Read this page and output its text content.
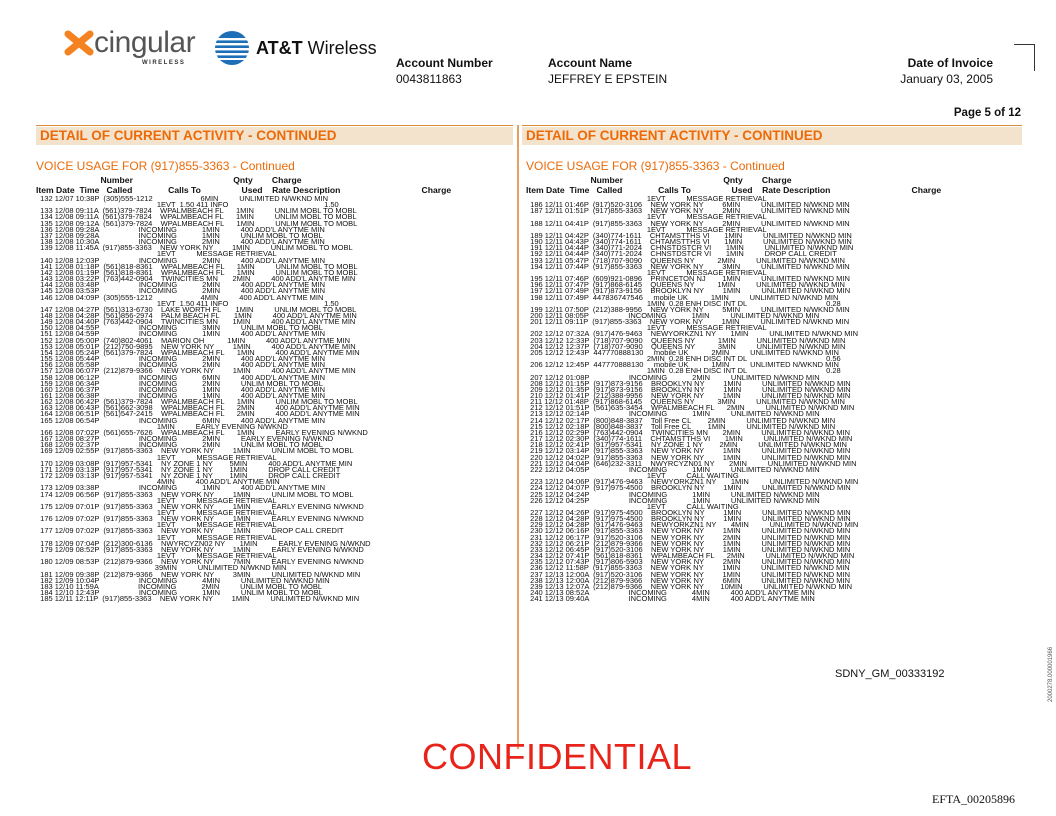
cingular
WIRELESS
AT&T Wireless
Account Number
0043811863
Account Name
JEFFREY E EPSTEIN
Date of Invoice
January 03, 2005
Page 5 of 12
DETAIL OF CURRENT ACTIVITY - CONTINUED	DETAIL OF CURRENT ACTIVITY - CONTINUED
VOICE USAGE FOR (917)855-3363 - Continued
Number                                          Qnty        Charge
Item Date  Time   Called               Calls To                 Used    Rate Description                                  Charge
132 12/07 10:38P  (305)555-1212                       6MIN          UNLIMITED N/WKND MIN
1EVT  1.50 411 INFO                                              1.50
133 12/08 09:11A  (561)379-7824    WPALMBEACH FL      1MIN          UNLIM MOBL TO MOBL
134 12/08 09:11A  (561)379-7824    WPALMBEACH FL      1MIN          UNLIM MOBL TO MOBL
135 12/08 09:12A  (561)379-7824    WPALMBEACH FL      1MIN          UNLIM MOBL TO MOBL
136 12/08 09:28A                   INCOMING            1MIN          400 ADD'L ANYTME MIN
137 12/08 09:28A                   INCOMING            1MIN          UNLIM MOBL TO MOBL
138 12/08 10:30A                   INCOMING            2MIN          400 ADD'L ANYTME MIN
139 12/08 11:45A  (917)855-3363    NEW YORK NY         1MIN          UNLIM MOBL TO MOBL
1EVT          MESSAGE RETRIEVAL
140 12/08 12:03P                   INCOMING            2MIN          400 ADD'L ANYTME MIN
141 12/08 01:18P  (561)818-8361    WPALMBEACH FL      1MIN          UNLIM MOBL TO MOBL
142 12/08 01:19P  (561)818-8361    WPALMBEACH FL      1MIN          UNLIM MOBL TO MOBL
143 12/08 03:22P  (763)442-0904    TWINCITIES MN       2MIN          400 ADD'L ANYTME MIN
144 12/08 03:48P                   INCOMING            2MIN          400 ADD'L ANYTME MIN
145 12/08 03:53P                   INCOMING            2MIN          400 ADD'L ANYTME MIN
146 12/08 04:09P  (305)555-1212                       4MIN          400 ADD'L ANYTME MIN
1EVT  1.50 411 INFO                                              1.50
147 12/08 04:27P  (561)313-6730    LAKE WORTH FL       1MIN          UNLIM MOBL TO MOBL
148 12/08 04:28P  (561)856-2974    PALM BEACH FL       1MIN          400 ADD'L ANYTME MIN
149 12/08 04:40P  (763)442-0904    TWINCITIES MN       1MIN          400 ADD'L ANYTME MIN
150 12/08 04:55P                   INCOMING            3MIN          UNLIM MOBL TO MOBL
151 12/08 04:59P                   INCOMING            1MIN          400 ADD'L ANYTME MIN
152 12/08 05:00P  (740)802-4061    MARION OH           1MIN          400 ADD'L ANYTME MIN
153 12/08 05:01P  (212)750-9895    NEW YORK NY         1MIN          400 ADD'L ANYTME MIN
154 12/08 05:24P  (561)379-7824    WPALMBEACH FL      1MIN          400 ADD'L ANYTME MIN
155 12/08 05:44P                   INCOMING            2MIN          400 ADD'L ANYTME MIN
156 12/08 05:58P                   INCOMING            2MIN          400 ADD'L ANYTME MIN
157 12/08 06:07P  (212)879-9366    NEW YORK NY         1MIN          400 ADD'L ANYTME MIN
158 12/08 06:12P                   INCOMING            6MIN          400 ADD'L ANYTME MIN
159 12/08 06:34P                   INCOMING            2MIN          UNLIM MOBL TO MOBL
160 12/08 06:37P                   INCOMING            1MIN          400 ADD'L ANYTME MIN
161 12/08 06:38P                   INCOMING            1MIN          400 ADD'L ANYTME MIN
162 12/08 06:42P  (561)379-7824    WPALMBEACH FL      1MIN          UNLIM MOBL TO MOBL
163 12/08 06:43P  (561)662-3098    WPALMBEACH FL      2MIN          400 ADD'L ANYTME MIN
164 12/08 06:51P  (561)547-2415    WPALMBEACH FL      2MIN          400 ADD'L ANYTME MIN
165 12/08 06:54P                   INCOMING            6MIN          400 ADD'L ANYTME MIN
1MIN          EARLY EVENING N/WKND
166 12/08 07:02P  (561)655-7626    WPALMBEACH FL      1MIN          EARLY EVENING N/WKND
167 12/08 08:27P                   INCOMING            2MIN          EARLY EVENING N/WKND
168 12/09 02:37P                   INCOMING            2MIN          UNLIM MOBL TO MOBL
169 12/09 02:55P  (917)855-3363    NEW YORK NY         1MIN          UNLIM MOBL TO MOBL
1EVT          MESSAGE RETRIEVAL
170 12/09 03:08P  (917)957-5341    NY ZONE 1 NY        5MIN          400 ADD'L ANYTME MIN
171 12/09 03:13P  (917)957-5341    NY ZONE 1 NY        1MIN          DROP CALL CREDIT
172 12/09 03:13P  (917)957-5341    NY ZONE 1 NY        1MIN          DROP CALL CREDIT
4MIN          400 ADD'L ANYTME MIN
173 12/09 03:38P                   INCOMING            1MIN          400 ADD'L ANYTME MIN
174 12/09 06:56P  (917)855-3363    NEW YORK NY         1MIN          UNLIM MOBL TO MOBL
1EVT          MESSAGE RETRIEVAL
175 12/09 07:01P  (917)855-3363    NEW YORK NY         1MIN          EARLY EVENING N/WKND
1EVT          MESSAGE RETRIEVAL
176 12/09 07:02P  (917)855-3363    NEW YORK NY         1MIN          EARLY EVENING N/WKND
1EVT          MESSAGE RETRIEVAL
177 12/09 07:02P  (917)855-3363    NEW YORK NY         1MIN          DROP CALL CREDIT
1EVT          MESSAGE RETRIEVAL
178 12/09 07:04P  (212)300-6136    NWYRCYZN02 NY       1MIN          EARLY EVENING N/WKND
179 12/09 08:52P  (917)855-3363    NEW YORK NY         1MIN          EARLY EVENING N/WKND
1EVT          MESSAGE RETRIEVAL
180 12/09 08:53P  (212)879-9366    NEW YORK NY         7MIN          EARLY EVENING N/WKND
39MIN          UNLIMITED N/WKND MIN
181 12/09 09:38P  (212)879-9366    NEW YORK NY         3MIN          UNLIMITED N/WKND MIN
182 12/09 10:04P                   INCOMING            4MIN          UNLIMITED N/WKND MIN
183 12/10 11:59A                   INCOMING            2MIN          UNLIM MOBL TO MOBL
184 12/10 12:43P                   INCOMING            1MIN          UNLIM MOBL TO MOBL
185 12/11 12:11P  (917)855-3363    NEW YORK NY         1MIN          UNLIMITED N/WKND MIN
VOICE USAGE FOR (917)855-3363 - Continued
Number                                          Qnty        Charge
Item Date  Time   Called               Calls To                 Used    Rate Description                                  Charge
1EVT          MESSAGE RETRIEVAL
186 12/11 01:46P  (917)520-3106    NEW YORK NY         6MIN          UNLIMITED N/WKND MIN
187 12/11 01:51P  (917)855-3363    NEW YORK NY         2MIN          UNLIMITED N/WKND MIN
1EVT          MESSAGE RETRIEVAL
188 12/11 04:41P  (917)855-3363    NEW YORK NY         2MIN          UNLIMITED N/WKND MIN
1EVT          MESSAGE RETRIEVAL
189 12/11 04:42P  (340)774-1611    CHTAMSTTHS VI       1MIN          UNLIMITED N/WKND MIN
190 12/11 04:43P  (340)774-1611    CHTAMSTTHS VI       1MIN          UNLIMITED N/WKND MIN
191 12/11 04:44P  (340)771-2024    CHNSTDSTCR VI       1MIN          UNLIMITED N/WKND MIN
192 12/11 04:44P  (340)771-2024    CHNSTDSTCR VI       1MIN          DROP CALL CREDIT
193 12/11 05:47P  (718)707-9090    QUEENS NY           2MIN          UNLIMITED N/WKND MIN
194 12/11 07:44P  (917)855-3363    NEW YORK NY         3MIN          UNLIMITED N/WKND MIN
1EVT          MESSAGE RETRIEVAL
195 12/11 07:46P  (609)921-0896    PRINCETON NJ        1MIN          UNLIMITED N/WKND MIN
196 12/11 07:47P  (917)868-6145    QUEENS NY           1MIN          UNLIMITED N/WKND MIN
197 12/11 07:49P  (917)873-9156    BROOKLYN NY         1MIN          UNLIMITED N/WKND MIN
198 12/11 07:49P  447836747546     mobile UK           1MIN          UNLIMITED N/WKND MIN
1MIN  0.28 ENH DISC INT DL                                      0.28
199 12/11 07:50P  (212)388-9956    NEW YORK NY         5MIN          UNLIMITED N/WKND MIN
200 12/11 08:05P                   INCOMING            1MIN          UNLIMITED N/WKND MIN
201 12/11 09:11P  (917)855-3363    NEW YORK NY         1MIN          UNLIMITED N/WKND MIN
1EVT          MESSAGE RETRIEVAL
202 12/12 07:32A  (917)476-9463    NEWYORKZN1 NY       1MIN          UNLIMITED N/WKND MIN
203 12/12 12:33P  (718)707-9090    QUEENS NY           1MIN          UNLIMITED N/WKND MIN
204 12/12 12:37P  (718)707-9090    QUEENS NY           3MIN          UNLIMITED N/WKND MIN
205 12/12 12:43P  447770888130     mobile UK           2MIN          UNLIMITED N/WKND MIN
2MIN  0.28 ENH DISC INT DL                                      0.56
206 12/12 12:45P  447770888130     mobile UK           1MIN          UNLIMITED N/WKND MIN
1MIN  0.28 ENH DISC INT DL                                      0.28
207 12/12 01:08P                   INCOMING            2MIN          UNLIMITED N/WKND MIN
208 12/12 01:15P  (917)873-9156    BROOKLYN NY         1MIN          UNLIMITED N/WKND MIN
209 12/12 01:35P  (917)873-9156    BROOKLYN NY         1MIN          UNLIMITED N/WKND MIN
210 12/12 01:41P  (212)388-9956    NEW YORK NY         1MIN          UNLIMITED N/WKND MIN
211 12/12 01:48P  (917)868-6145    QUEENS NY           3MIN          UNLIMITED N/WKND MIN
212 12/12 01:51P  (561)635-3454    WPALMBEACH FL      2MIN          UNLIMITED N/WKND MIN
213 12/12 02:14P                   INCOMING            1MIN          UNLIMITED N/WKND MIN
214 12/12 02:17P  (800)848-3837    Toll Free CL        2MIN          UNLIMITED N/WKND MIN
215 12/12 02:18P  (800)848-3837    Toll Free CL        1MIN          UNLIMITED N/WKND MIN
216 12/12 02:29P  (763)442-0904    TWINCITIES MN       2MIN          UNLIMITED N/WKND MIN
217 12/12 02:30P  (340)774-1611    CHTAMSTTHS VI       1MIN          UNLIMITED N/WKND MIN
218 12/12 02:41P  (917)957-5341    NY ZONE 1 NY        2MIN          UNLIMITED N/WKND MIN
219 12/12 03:14P  (917)855-3363    NEW YORK NY         1MIN          UNLIMITED N/WKND MIN
220 12/12 04:02P  (917)855-3363    NEW YORK NY         1MIN          UNLIMITED N/WKND MIN
221 12/12 04:04P  (646)232-3311    NWYRCYZN01 NY       2MIN          UNLIMITED N/WKND MIN
222 12/12 04:05P                   INCOMING            1MIN          UNLIMITED N/WKND MIN
1EVT          CALL WAITING
223 12/12 04:06P  (917)476-9463    NEWYORKZN1 NY       1MIN          UNLIMITED N/WKND MIN
224 12/12 04:07P  (917)975-4500    BROOKLYN NY         1MIN          UNLIMITED N/WKND MIN
225 12/12 04:24P                   INCOMING            1MIN          UNLIMITED N/WKND MIN
226 12/12 04:25P                   INCOMING            1MIN          UNLIMITED N/WKND MIN
1EVT          CALL WAITING
227 12/12 04:26P  (917)975-4500    BROOKLYN NY         1MIN          UNLIMITED N/WKND MIN
228 12/12 04:28P  (917)975-4500    BROOKLYN NY         1MIN          UNLIMITED N/WKND MIN
229 12/12 04:28P  (917)476-9463    NEWYORKZN1 NY       4MIN          UNLIMITED N/WKND MIN
230 12/12 06:16P  (917)855-3363    NEW YORK NY         1MIN          UNLIMITED N/WKND MIN
231 12/12 06:17P  (917)520-3106    NEW YORK NY         2MIN          UNLIMITED N/WKND MIN
232 12/12 06:21P  (212)879-9366    NEW YORK NY         1MIN          UNLIMITED N/WKND MIN
233 12/12 06:45P  (917)520-3106    NEW YORK NY         1MIN          UNLIMITED N/WKND MIN
234 12/12 07:41P  (561)818-8361    WPALMBEACH FL      2MIN          UNLIMITED N/WKND MIN
235 12/12 07:43P  (917)806-5903    NEW YORK NY         2MIN          UNLIMITED N/WKND MIN
236 12/12 11:58P  (917)855-3363    NEW YORK NY         1MIN          UNLIMITED N/WKND MIN
237 12/13 12:00A  (917)520-3106    NEW YORK NY         1MIN          UNLIMITED N/WKND MIN
238 12/13 12:00A  (212)879-9366    NEW YORK NY         6MIN          UNLIMITED N/WKND MIN
239 12/13 12:07A  (212)879-9366    NEW YORK NY        10MIN          UNLIMITED N/WKND MIN
240 12/13 08:52A                   INCOMING            4MIN          400 ADD'L ANYTME MIN
241 12/13 09:40A                   INCOMING            4MIN          400 ADD'L ANYTME MIN
SDNY_GM_00333192
CONFIDENTIAL
EFTA_00205896
2000278.000001966
